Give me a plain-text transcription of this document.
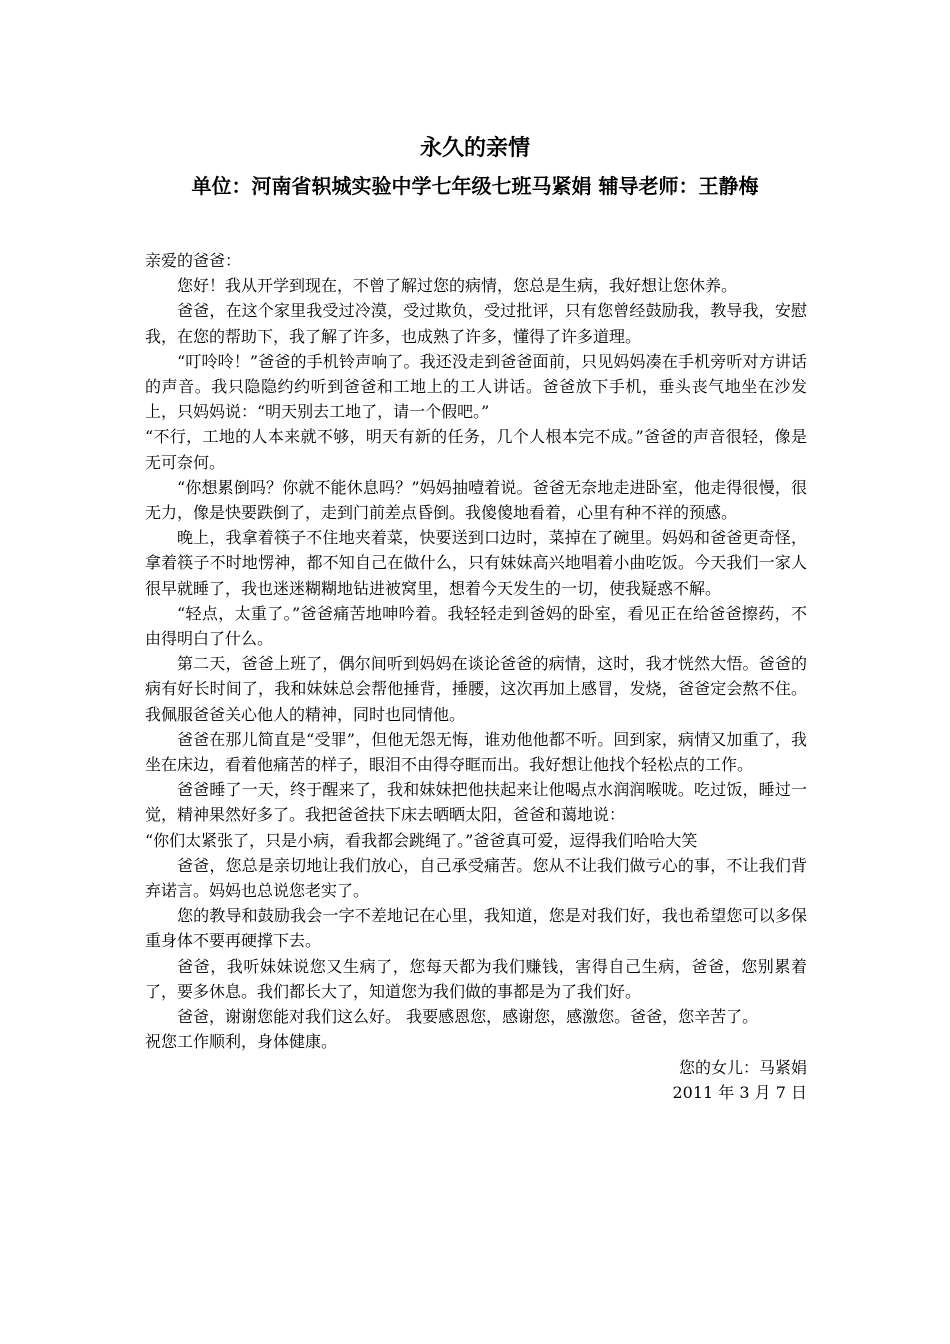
永久的亲情
单位：河南省轵城实验中学七年级七班马紧娟 辅导老师：王静梅

亲爱的爸爸：

您好！我从开学到现在，不曾了解过您的病情，您总是生病，我好想让您休养。

爸爸，在这个家里我受过冷漠，受过欺负，受过批评，只有您曾经鼓励我，教导我，安慰我，在您的帮助下，我了解了许多，也成熟了许多，懂得了许多道理。

“叮呤呤！”爸爸的手机铃声响了。我还没走到爸爸面前，只见妈妈凑在手机旁听对方讲话的声音。我只隐隐约约听到爸爸和工地上的工人讲话。爸爸放下手机，垂头丧气地坐在沙发上，只妈妈说：“明天别去工地了，请一个假吧。”

“不行，工地的人本来就不够，明天有新的任务，几个人根本完不成。”爸爸的声音很轻，像是无可奈何。

“你想累倒吗？你就不能休息吗？”妈妈抽噎着说。爸爸无奈地走进卧室，他走得很慢，很无力，像是快要跌倒了，走到门前差点昏倒。我傻傻地看着，心里有种不祥的预感。

晚上，我拿着筷子不住地夹着菜，快要送到口边时，菜掉在了碗里。妈妈和爸爸更奇怪，拿着筷子不时地愣神，都不知自己在做什么，只有妹妹高兴地唱着小曲吃饭。今天我们一家人很早就睡了，我也迷迷糊糊地钻进被窝里，想着今天发生的一切，使我疑惑不解。

“轻点，太重了。”爸爸痛苦地呻吟着。我轻轻走到爸妈的卧室，看见正在给爸爸擦药，不由得明白了什么。

第二天，爸爸上班了，偶尔间听到妈妈在谈论爸爸的病情，这时，我才恍然大悟。爸爸的病有好长时间了，我和妹妹总会帮他捶背，捶腰，这次再加上感冒，发烧，爸爸定会熬不住。我佩服爸爸关心他人的精神，同时也同情他。

爸爸在那儿简直是“受罪”，但他无怨无悔，谁劝他他都不听。回到家，病情又加重了，我坐在床边，看着他痛苦的样子，眼泪不由得夺眶而出。我好想让他找个轻松点的工作。

爸爸睡了一天，终于醒来了，我和妹妹把他扶起来让他喝点水润润喉咙。吃过饭，睡过一觉，精神果然好多了。我把爸爸扶下床去晒晒太阳，爸爸和蔼地说：

“你们太紧张了，只是小病，看我都会跳绳了。”爸爸真可爱，逗得我们哈哈大笑

爸爸，您总是亲切地让我们放心，自己承受痛苦。您从不让我们做亏心的事，不让我们背弃诺言。妈妈也总说您老实了。

您的教导和鼓励我会一字不差地记在心里，我知道，您是对我们好，我也希望您可以多保重身体不要再硬撑下去。

爸爸，我听妹妹说您又生病了，您每天都为我们赚钱，害得自己生病，爸爸，您别累着了，要多休息。我们都长大了，知道您为我们做的事都是为了我们好。

爸爸，谢谢您能对我们这么好。 我要感恩您，感谢您，感激您。爸爸，您辛苦了。

祝您工作顺利，身体健康。

您的女儿：马紧娟

2011 年 3 月 7 日
